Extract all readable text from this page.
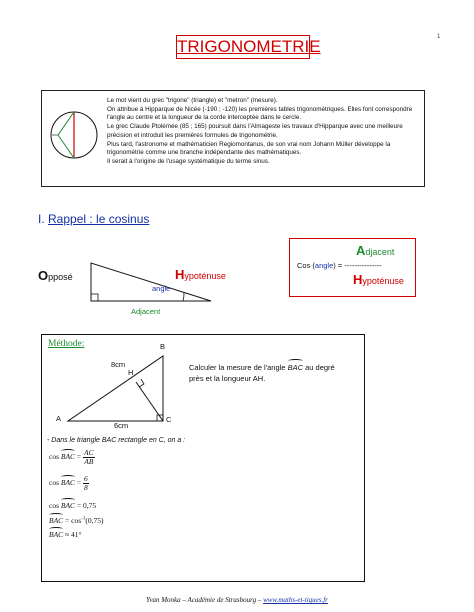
1
TRIGONOMETRIE
Le mot vient du grec "trigone" (triangle) et "metron" (mesure).
On attribue à Hipparque de Nicée (-190 ; -120) les premières tables trigonométriques. Elles font correspondre l'angle au centre et la longueur de la corde interceptée dans le cercle.
Le grec Claude Ptolémée (85 ; 165) poursuit dans l'Almageste les travaux d'Hipparque avec une meilleure précision et introduit les premières formules de trigonométrie.
Plus tard, l'astronome et mathématicien Regiomontanus, de son vrai nom Johann Müller développe la trigonométrie comme une branche indépendante des mathématiques.
Il serait à l'origine de l'usage systématique du terme sinus.
I. Rappel : le cosinus
Opposé	Hypoténuse
angle
Adjacent
Adjacent
Cos (angle) = ---------------
Hypoténuse
Méthode:	B
H
A	C
8cm
6cm
Calculer la mesure de l'angle BAC au degré près et la longueur AH.
- Dans le triangle BAC rectangle en C, on a :
cos BAC = $\frac{AC}{AB}$
cos BAC = $\frac{6}{8}$
cos BAC = 0,75
BAC = $\cos^{-1}(0,75)$
BAC ≈ 41°
Yvan Monka – Académie de Strasbourg – www.maths-et-tiques.fr
